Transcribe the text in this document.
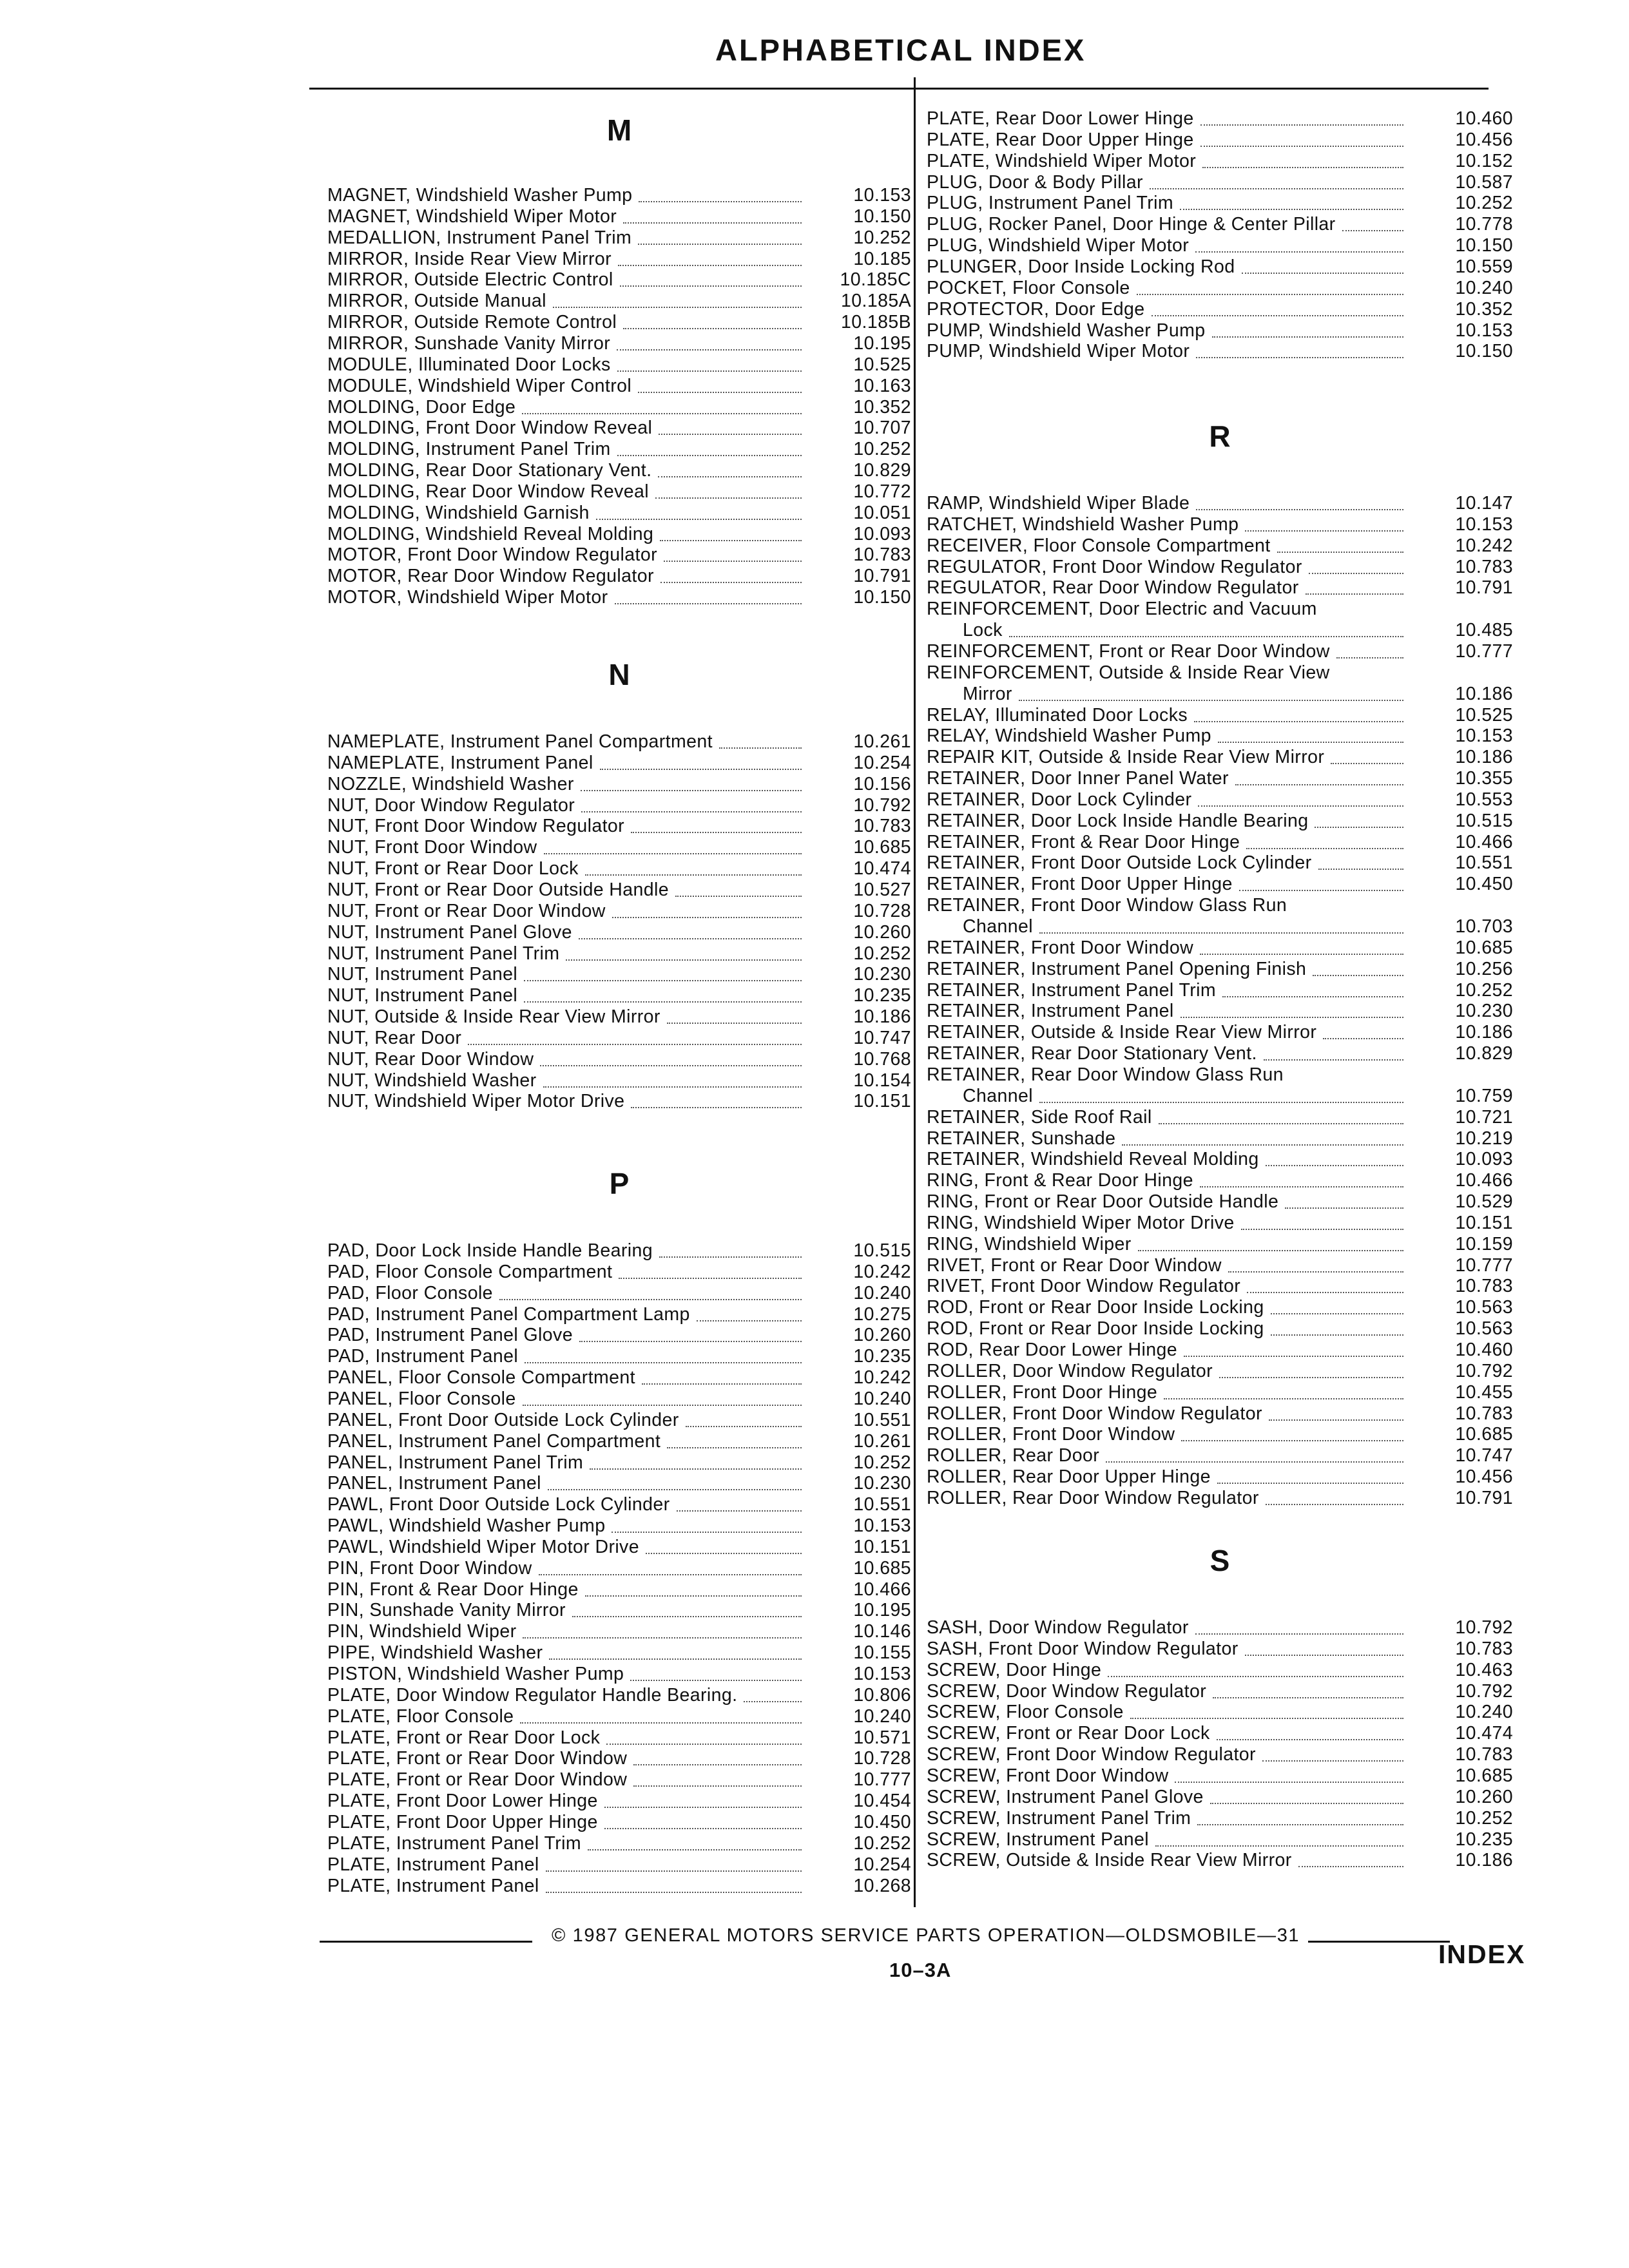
ALPHABETICAL INDEX
M
MAGNET, Windshield Washer Pump	10.153
MAGNET, Windshield Wiper Motor	10.150
MEDALLION, Instrument Panel Trim	10.252
MIRROR, Inside Rear View Mirror	10.185
MIRROR, Outside Electric Control	10.185C
MIRROR, Outside Manual	10.185A
MIRROR, Outside Remote Control	10.185B
MIRROR, Sunshade Vanity Mirror	10.195
MODULE, Illuminated Door Locks	10.525
MODULE, Windshield Wiper Control	10.163
MOLDING, Door Edge	10.352
MOLDING, Front Door Window Reveal	10.707
MOLDING, Instrument Panel Trim	10.252
MOLDING, Rear Door Stationary Vent.	10.829
MOLDING, Rear Door Window Reveal	10.772
MOLDING, Windshield Garnish	10.051
MOLDING, Windshield Reveal Molding	10.093
MOTOR, Front Door Window Regulator	10.783
MOTOR, Rear Door Window Regulator	10.791
MOTOR, Windshield Wiper Motor	10.150
N
NAMEPLATE, Instrument Panel Compartment	10.261
NAMEPLATE, Instrument Panel	10.254
NOZZLE, Windshield Washer	10.156
NUT, Door Window Regulator	10.792
NUT, Front Door Window Regulator	10.783
NUT, Front Door Window	10.685
NUT, Front or Rear Door Lock	10.474
NUT, Front or Rear Door Outside Handle	10.527
NUT, Front or Rear Door Window	10.728
NUT, Instrument Panel Glove	10.260
NUT, Instrument Panel Trim	10.252
NUT, Instrument Panel	10.230
NUT, Instrument Panel	10.235
NUT, Outside & Inside Rear View Mirror	10.186
NUT, Rear Door	10.747
NUT, Rear Door Window	10.768
NUT, Windshield Washer	10.154
NUT, Windshield Wiper Motor Drive	10.151
P
PAD, Door Lock Inside Handle Bearing	10.515
PAD, Floor Console Compartment	10.242
PAD, Floor Console	10.240
PAD, Instrument Panel Compartment Lamp	10.275
PAD, Instrument Panel Glove	10.260
PAD, Instrument Panel	10.235
PANEL, Floor Console Compartment	10.242
PANEL, Floor Console	10.240
PANEL, Front Door Outside Lock Cylinder	10.551
PANEL, Instrument Panel Compartment	10.261
PANEL, Instrument Panel Trim	10.252
PANEL, Instrument Panel	10.230
PAWL, Front Door Outside Lock Cylinder	10.551
PAWL, Windshield Washer Pump	10.153
PAWL, Windshield Wiper Motor Drive	10.151
PIN, Front Door Window	10.685
PIN, Front & Rear Door Hinge	10.466
PIN, Sunshade Vanity Mirror	10.195
PIN, Windshield Wiper	10.146
PIPE, Windshield Washer	10.155
PISTON, Windshield Washer Pump	10.153
PLATE, Door Window Regulator Handle Bearing.	10.806
PLATE, Floor Console	10.240
PLATE, Front or Rear Door Lock	10.571
PLATE, Front or Rear Door Window	10.728
PLATE, Front or Rear Door Window	10.777
PLATE, Front Door Lower Hinge	10.454
PLATE, Front Door Upper Hinge	10.450
PLATE, Instrument Panel Trim	10.252
PLATE, Instrument Panel	10.254
PLATE, Instrument Panel	10.268
PLATE, Rear Door Lower Hinge	10.460
PLATE, Rear Door Upper Hinge	10.456
PLATE, Windshield Wiper Motor	10.152
PLUG, Door & Body Pillar	10.587
PLUG, Instrument Panel Trim	10.252
PLUG, Rocker Panel, Door Hinge & Center Pillar	10.778
PLUG, Windshield Wiper Motor	10.150
PLUNGER, Door Inside Locking Rod	10.559
POCKET, Floor Console	10.240
PROTECTOR, Door Edge	10.352
PUMP, Windshield Washer Pump	10.153
PUMP, Windshield Wiper Motor	10.150
R
RAMP, Windshield Wiper Blade	10.147
RATCHET, Windshield Washer Pump	10.153
RECEIVER, Floor Console Compartment	10.242
REGULATOR, Front Door Window Regulator	10.783
REGULATOR, Rear Door Window Regulator	10.791
REINFORCEMENT, Door Electric and Vacuum
Lock	10.485
REINFORCEMENT, Front or Rear Door Window	10.777
REINFORCEMENT, Outside & Inside Rear View
Mirror	10.186
RELAY, Illuminated Door Locks	10.525
RELAY, Windshield Washer Pump	10.153
REPAIR KIT, Outside & Inside Rear View Mirror	10.186
RETAINER, Door Inner Panel Water	10.355
RETAINER, Door Lock Cylinder	10.553
RETAINER, Door Lock Inside Handle Bearing	10.515
RETAINER, Front & Rear Door Hinge	10.466
RETAINER, Front Door Outside Lock Cylinder	10.551
RETAINER, Front Door Upper Hinge	10.450
RETAINER, Front Door Window Glass Run
Channel	10.703
RETAINER, Front Door Window	10.685
RETAINER, Instrument Panel Opening Finish	10.256
RETAINER, Instrument Panel Trim	10.252
RETAINER, Instrument Panel	10.230
RETAINER, Outside & Inside Rear View Mirror	10.186
RETAINER, Rear Door Stationary Vent.	10.829
RETAINER, Rear Door Window Glass Run
Channel	10.759
RETAINER, Side Roof Rail	10.721
RETAINER, Sunshade	10.219
RETAINER, Windshield Reveal Molding	10.093
RING, Front & Rear Door Hinge	10.466
RING, Front or Rear Door Outside Handle	10.529
RING, Windshield Wiper Motor Drive	10.151
RING, Windshield Wiper	10.159
RIVET, Front or Rear Door Window	10.777
RIVET, Front Door Window Regulator	10.783
ROD, Front or Rear Door Inside Locking	10.563
ROD, Front or Rear Door Inside Locking	10.563
ROD, Rear Door Lower Hinge	10.460
ROLLER, Door Window Regulator	10.792
ROLLER, Front Door Hinge	10.455
ROLLER, Front Door Window Regulator	10.783
ROLLER, Front Door Window	10.685
ROLLER, Rear Door	10.747
ROLLER, Rear Door Upper Hinge	10.456
ROLLER, Rear Door Window Regulator	10.791
S
SASH, Door Window Regulator	10.792
SASH, Front Door Window Regulator	10.783
SCREW, Door Hinge	10.463
SCREW, Door Window Regulator	10.792
SCREW, Floor Console	10.240
SCREW, Front or Rear Door Lock	10.474
SCREW, Front Door Window Regulator	10.783
SCREW, Front Door Window	10.685
SCREW, Instrument Panel Glove	10.260
SCREW, Instrument Panel Trim	10.252
SCREW, Instrument Panel	10.235
SCREW, Outside & Inside Rear View Mirror	10.186
© 1987 GENERAL MOTORS SERVICE PARTS OPERATION—OLDSMOBILE—31
10–3A
INDEX
